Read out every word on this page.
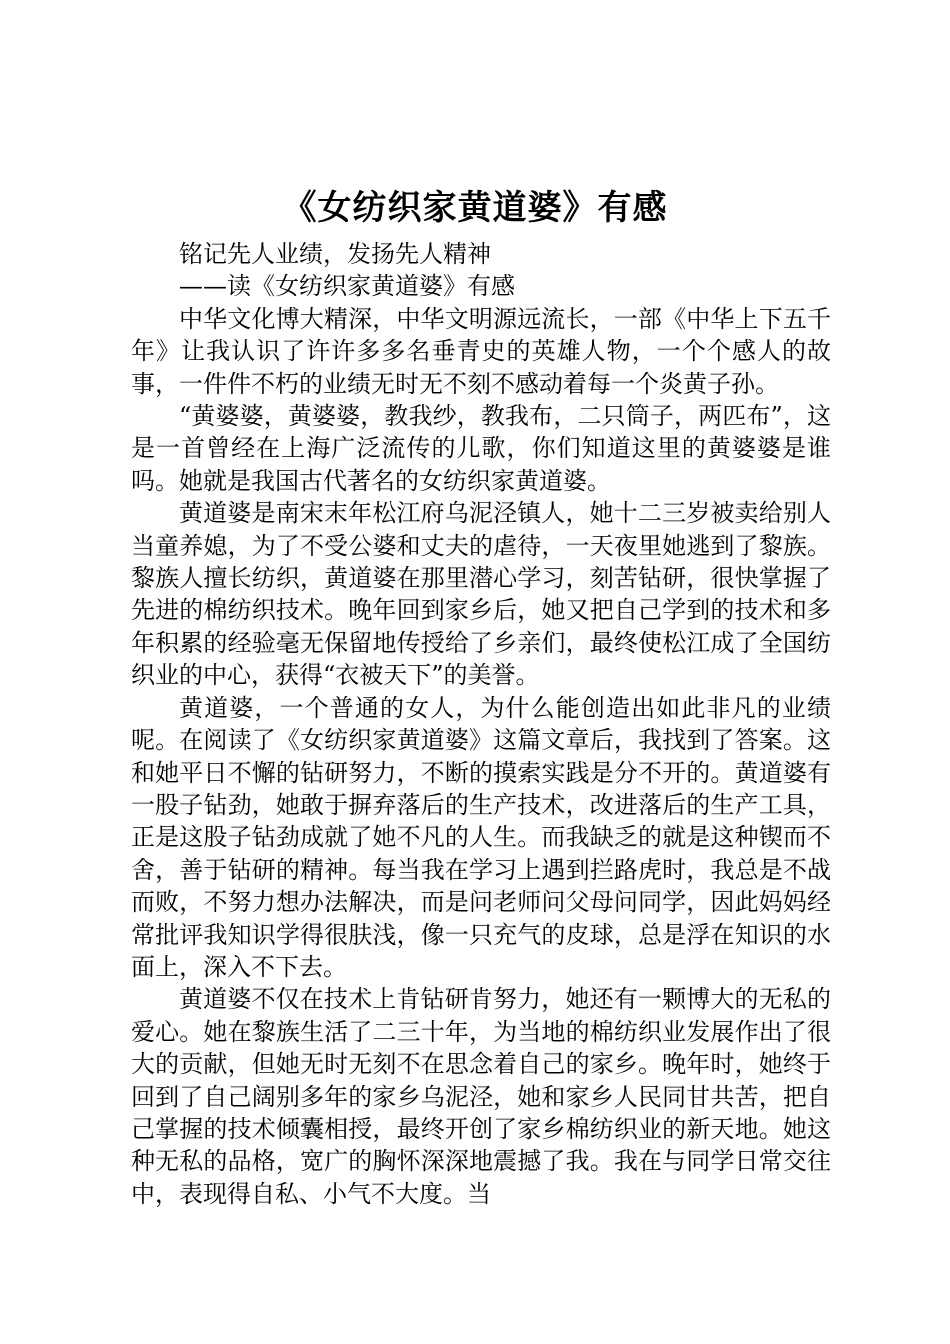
《女纺织家黄道婆》有感
铭记先人业绩，发扬先人精神
——读《女纺织家黄道婆》有感

中华文化博大精深，中华文明源远流长，一部《中华上下五千年》让我认识了许许多多名垂青史的英雄人物，一个个感人的故事，一件件不朽的业绩无时无不刻不感动着每一个炎黄子孙。

“黄婆婆，黄婆婆，教我纱，教我布，二只筒子，两匹布”，这是一首曾经在上海广泛流传的儿歌，你们知道这里的黄婆婆是谁吗。她就是我国古代著名的女纺织家黄道婆。

黄道婆是南宋末年松江府乌泥泾镇人，她十二三岁被卖给别人当童养媳，为了不受公婆和丈夫的虐待，一天夜里她逃到了黎族。黎族人擅长纺织，黄道婆在那里潜心学习，刻苦钻研，很快掌握了先进的棉纺织技术。晚年回到家乡后，她又把自己学到的技术和多年积累的经验毫无保留地传授给了乡亲们，最终使松江成了全国纺织业的中心，获得“衣被天下”的美誉。

黄道婆，一个普通的女人，为什么能创造出如此非凡的业绩呢。在阅读了《女纺织家黄道婆》这篇文章后，我找到了答案。这和她平日不懈的钻研努力，不断的摸索实践是分不开的。黄道婆有一股子钻劲，她敢于摒弃落后的生产技术，改进落后的生产工具，正是这股子钻劲成就了她不凡的人生。而我缺乏的就是这种锲而不舍，善于钻研的精神。每当我在学习上遇到拦路虎时，我总是不战而败，不努力想办法解决，而是问老师问父母问同学，因此妈妈经常批评我知识学得很肤浅，像一只充气的皮球，总是浮在知识的水面上，深入不下去。

黄道婆不仅在技术上肯钻研肯努力，她还有一颗博大的无私的爱心。她在黎族生活了二三十年，为当地的棉纺织业发展作出了很大的贡献，但她无时无刻不在思念着自己的家乡。晚年时，她终于回到了自己阔别多年的家乡乌泥泾，她和家乡人民同甘共苦，把自己掌握的技术倾囊相授，最终开创了家乡棉纺织业的新天地。她这种无私的品格，宽广的胸怀深深地震撼了我。我在与同学日常交往中，表现得自私、小气不大度。当
